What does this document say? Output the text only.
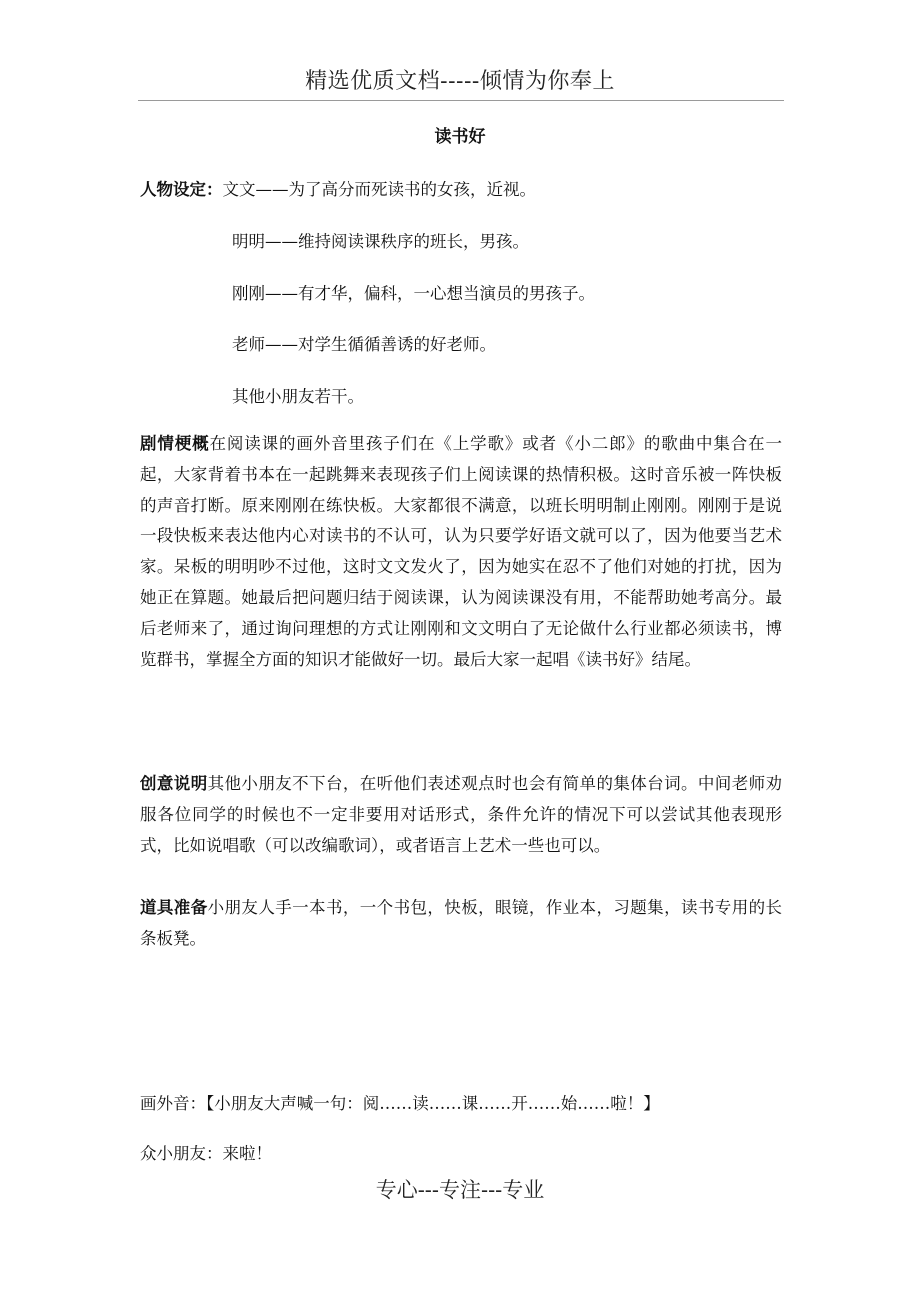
精选优质文档-----倾情为你奉上
读书好
人物设定：文文——为了高分而死读书的女孩，近视。
明明——维持阅读课秩序的班长，男孩。
刚刚——有才华，偏科，一心想当演员的男孩子。
老师——对学生循循善诱的好老师。
其他小朋友若干。
剧情梗概在阅读课的画外音里孩子们在《上学歌》或者《小二郎》的歌曲中集合在一起，大家背着书本在一起跳舞来表现孩子们上阅读课的热情积极。这时音乐被一阵快板的声音打断。原来刚刚在练快板。大家都很不满意，以班长明明制止刚刚。刚刚于是说一段快板来表达他内心对读书的不认可，认为只要学好语文就可以了，因为他要当艺术家。呆板的明明吵不过他，这时文文发火了，因为她实在忍不了他们对她的打扰，因为她正在算题。她最后把问题归结于阅读课，认为阅读课没有用，不能帮助她考高分。最后老师来了，通过询问理想的方式让刚刚和文文明白了无论做什么行业都必须读书，博览群书，掌握全方面的知识才能做好一切。最后大家一起唱《读书好》结尾。
创意说明其他小朋友不下台，在听他们表述观点时也会有简单的集体台词。中间老师劝服各位同学的时候也不一定非要用对话形式，条件允许的情况下可以尝试其他表现形式，比如说唱歌（可以改编歌词），或者语言上艺术一些也可以。
道具准备小朋友人手一本书，一个书包，快板，眼镜，作业本，习题集，读书专用的长条板凳。
画外音：【小朋友大声喊一句：阅……读……课……开……始……啦！】
众小朋友：来啦！
专心---专注---专业
